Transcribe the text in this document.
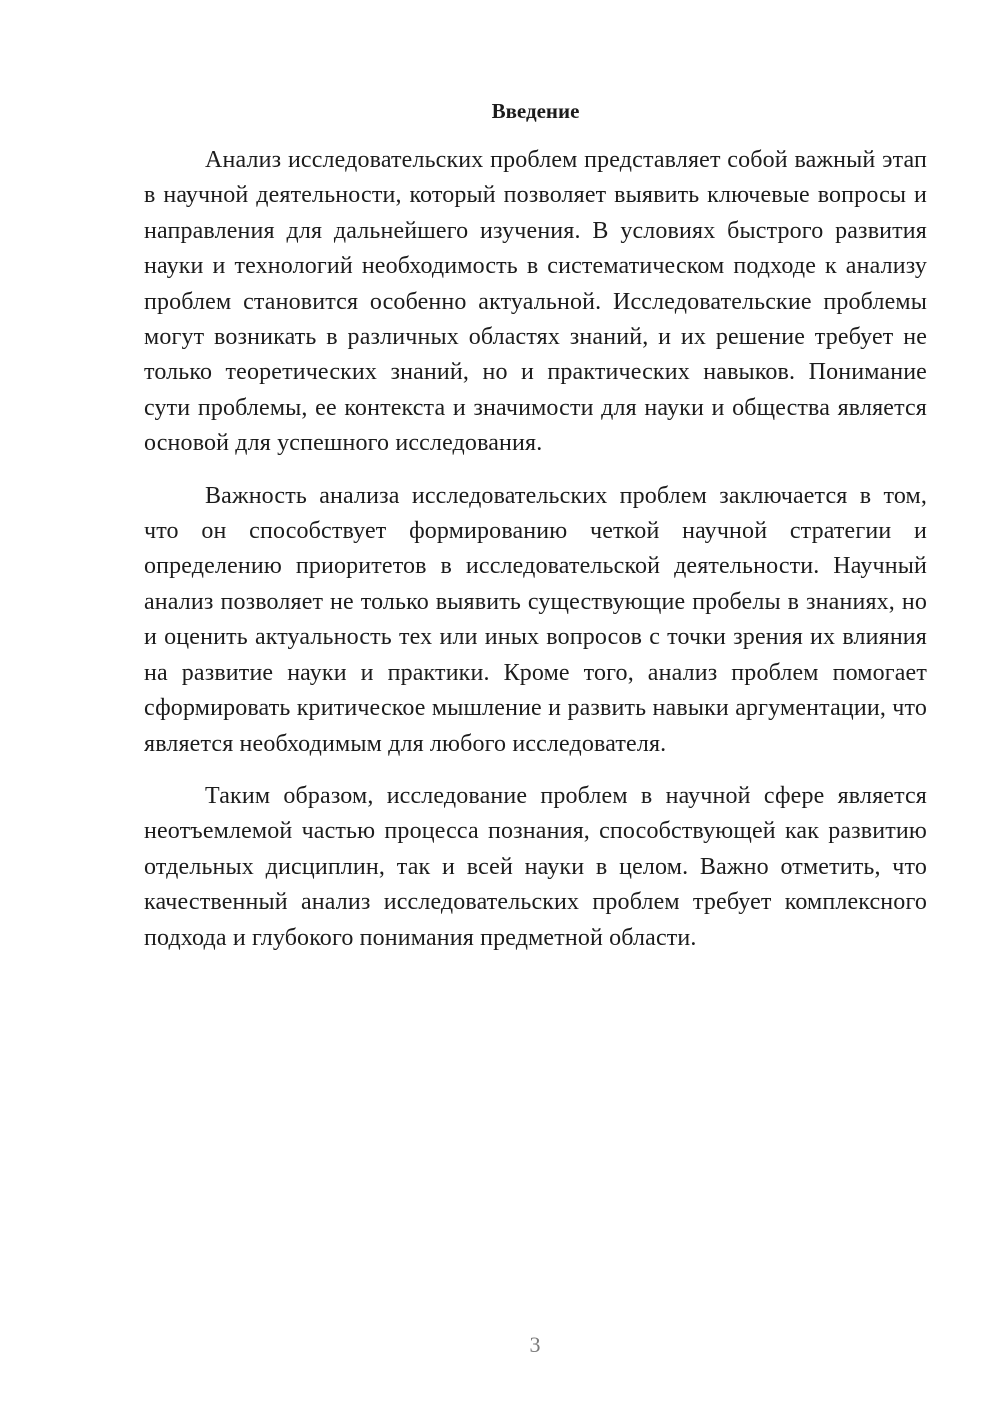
Введение

Анализ исследовательских проблем представляет собой важный этап в научной деятельности, который позволяет выявить ключевые вопросы и направления для дальнейшего изучения. В условиях быстрого развития науки и технологий необходимость в систематическом подходе к анализу проблем становится особенно актуальной. Исследовательские проблемы могут возникать в различных областях знаний, и их решение требует не только теоретических знаний, но и практических навыков. Понимание сути проблемы, ее контекста и значимости для науки и общества является основой для успешного исследования.

Важность анализа исследовательских проблем заключается в том, что он способствует формированию четкой научной стратегии и определению приоритетов в исследовательской деятельности. Научный анализ позволяет не только выявить существующие пробелы в знаниях, но и оценить актуальность тех или иных вопросов с точки зрения их влияния на развитие науки и практики. Кроме того, анализ проблем помогает сформировать критическое мышление и развить навыки аргументации, что является необходимым для любого исследователя.

Таким образом, исследование проблем в научной сфере является неотъемлемой частью процесса познания, способствующей как развитию отдельных дисциплин, так и всей науки в целом. Важно отметить, что качественный анализ исследовательских проблем требует комплексного подхода и глубокого понимания предметной области.

3
